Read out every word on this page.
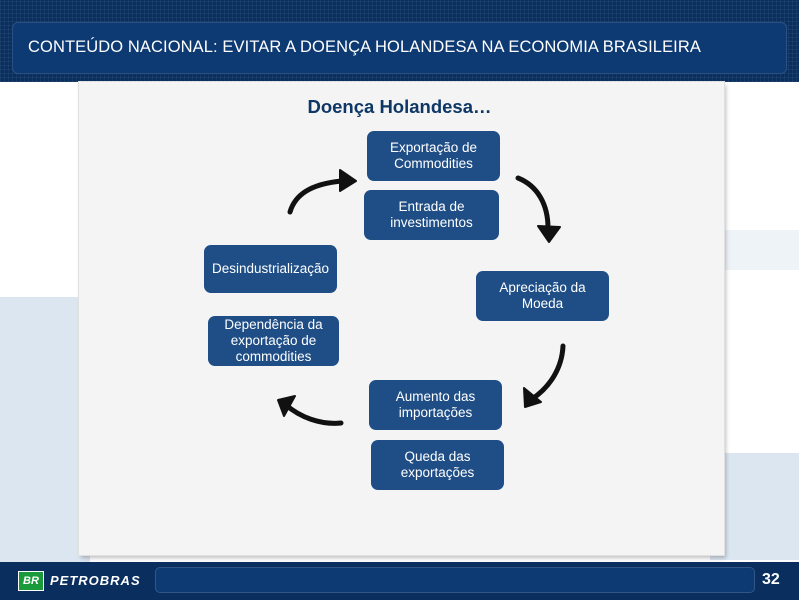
CONTEÚDO NACIONAL: EVITAR A DOENÇA HOLANDESA NA ECONOMIA BRASILEIRA
Doença Holandesa…
Exportação de
Commodities
Entrada de
investimentos
Apreciação da
Moeda
Aumento das
importações
Queda das
exportações
Dependência da
exportação de
commodities
Desindustrialização
BR PETROBRAS	32
